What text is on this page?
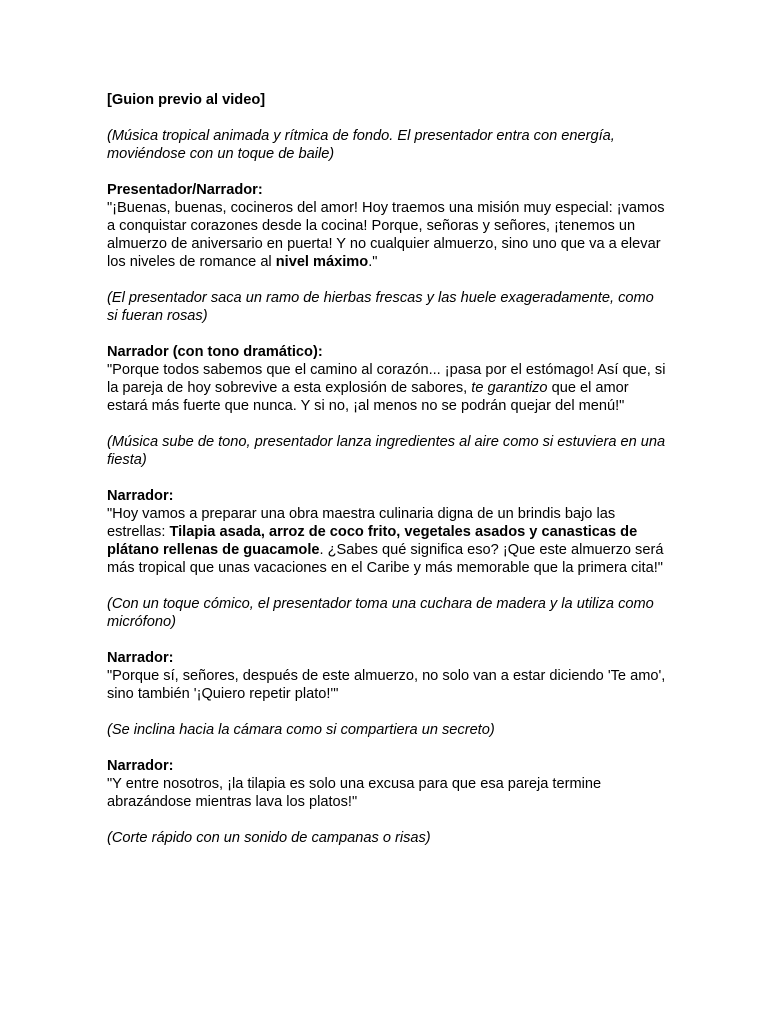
[Guion previo al video]

(Música tropical animada y rítmica de fondo. El presentador entra con energía, moviéndose con un toque de baile)

Presentador/Narrador:
"¡Buenas, buenas, cocineros del amor! Hoy traemos una misión muy especial: ¡vamos a conquistar corazones desde la cocina! Porque, señoras y señores, ¡tenemos un almuerzo de aniversario en puerta! Y no cualquier almuerzo, sino uno que va a elevar los niveles de romance al nivel máximo."

(El presentador saca un ramo de hierbas frescas y las huele exageradamente, como si fueran rosas)

Narrador (con tono dramático):
"Porque todos sabemos que el camino al corazón... ¡pasa por el estómago! Así que, si la pareja de hoy sobrevive a esta explosión de sabores, te garantizo que el amor estará más fuerte que nunca. Y si no, ¡al menos no se podrán quejar del menú!"

(Música sube de tono, presentador lanza ingredientes al aire como si estuviera en una fiesta)

Narrador:
"Hoy vamos a preparar una obra maestra culinaria digna de un brindis bajo las estrellas: Tilapia asada, arroz de coco frito, vegetales asados y canasticas de plátano rellenas de guacamole. ¿Sabes qué significa eso? ¡Que este almuerzo será más tropical que unas vacaciones en el Caribe y más memorable que la primera cita!"

(Con un toque cómico, el presentador toma una cuchara de madera y la utiliza como micrófono)

Narrador:
"Porque sí, señores, después de este almuerzo, no solo van a estar diciendo 'Te amo', sino también '¡Quiero repetir plato!'"

(Se inclina hacia la cámara como si compartiera un secreto)

Narrador:
"Y entre nosotros, ¡la tilapia es solo una excusa para que esa pareja termine abrazándose mientras lava los platos!"

(Corte rápido con un sonido de campanas o risas)
